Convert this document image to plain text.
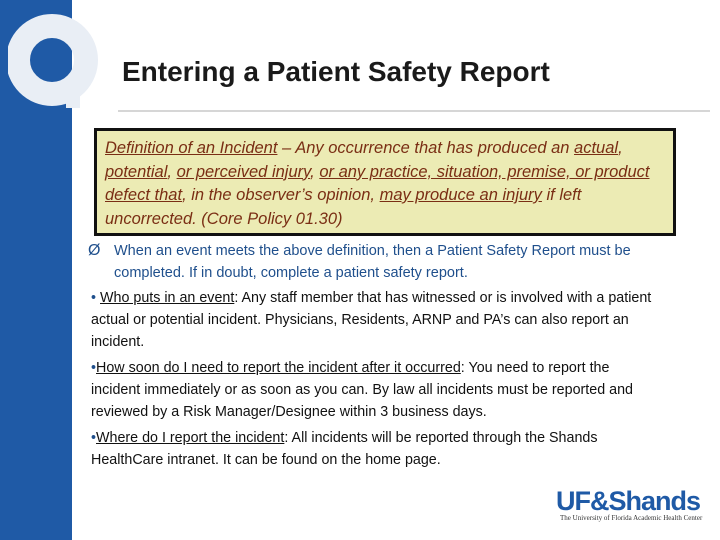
Entering a Patient Safety Report
Definition of an Incident – Any occurrence that has produced an actual, potential, or perceived injury, or any practice, situation, premise, or product defect that, in the observer’s opinion, may produce an injury if left uncorrected. (Core Policy 01.30)
Ø When an event meets the above definition, then a Patient Safety Report must be completed. If in doubt, complete a patient safety report.

• Who puts in an event: Any staff member that has witnessed or is involved with a patient actual or potential incident. Physicians, Residents, ARNP and PA’s can also report an incident.

•How soon do I need to report the incident after it occurred: You need to report the incident immediately or as soon as you can. By law all incidents must be reported and reviewed by a Risk Manager/Designee within 3 business days.

•Where do I report the incident: All incidents will be reported through the Shands HealthCare intranet. It can be found on the home page.

UF&Shands
The University of Florida Academic Health Center
